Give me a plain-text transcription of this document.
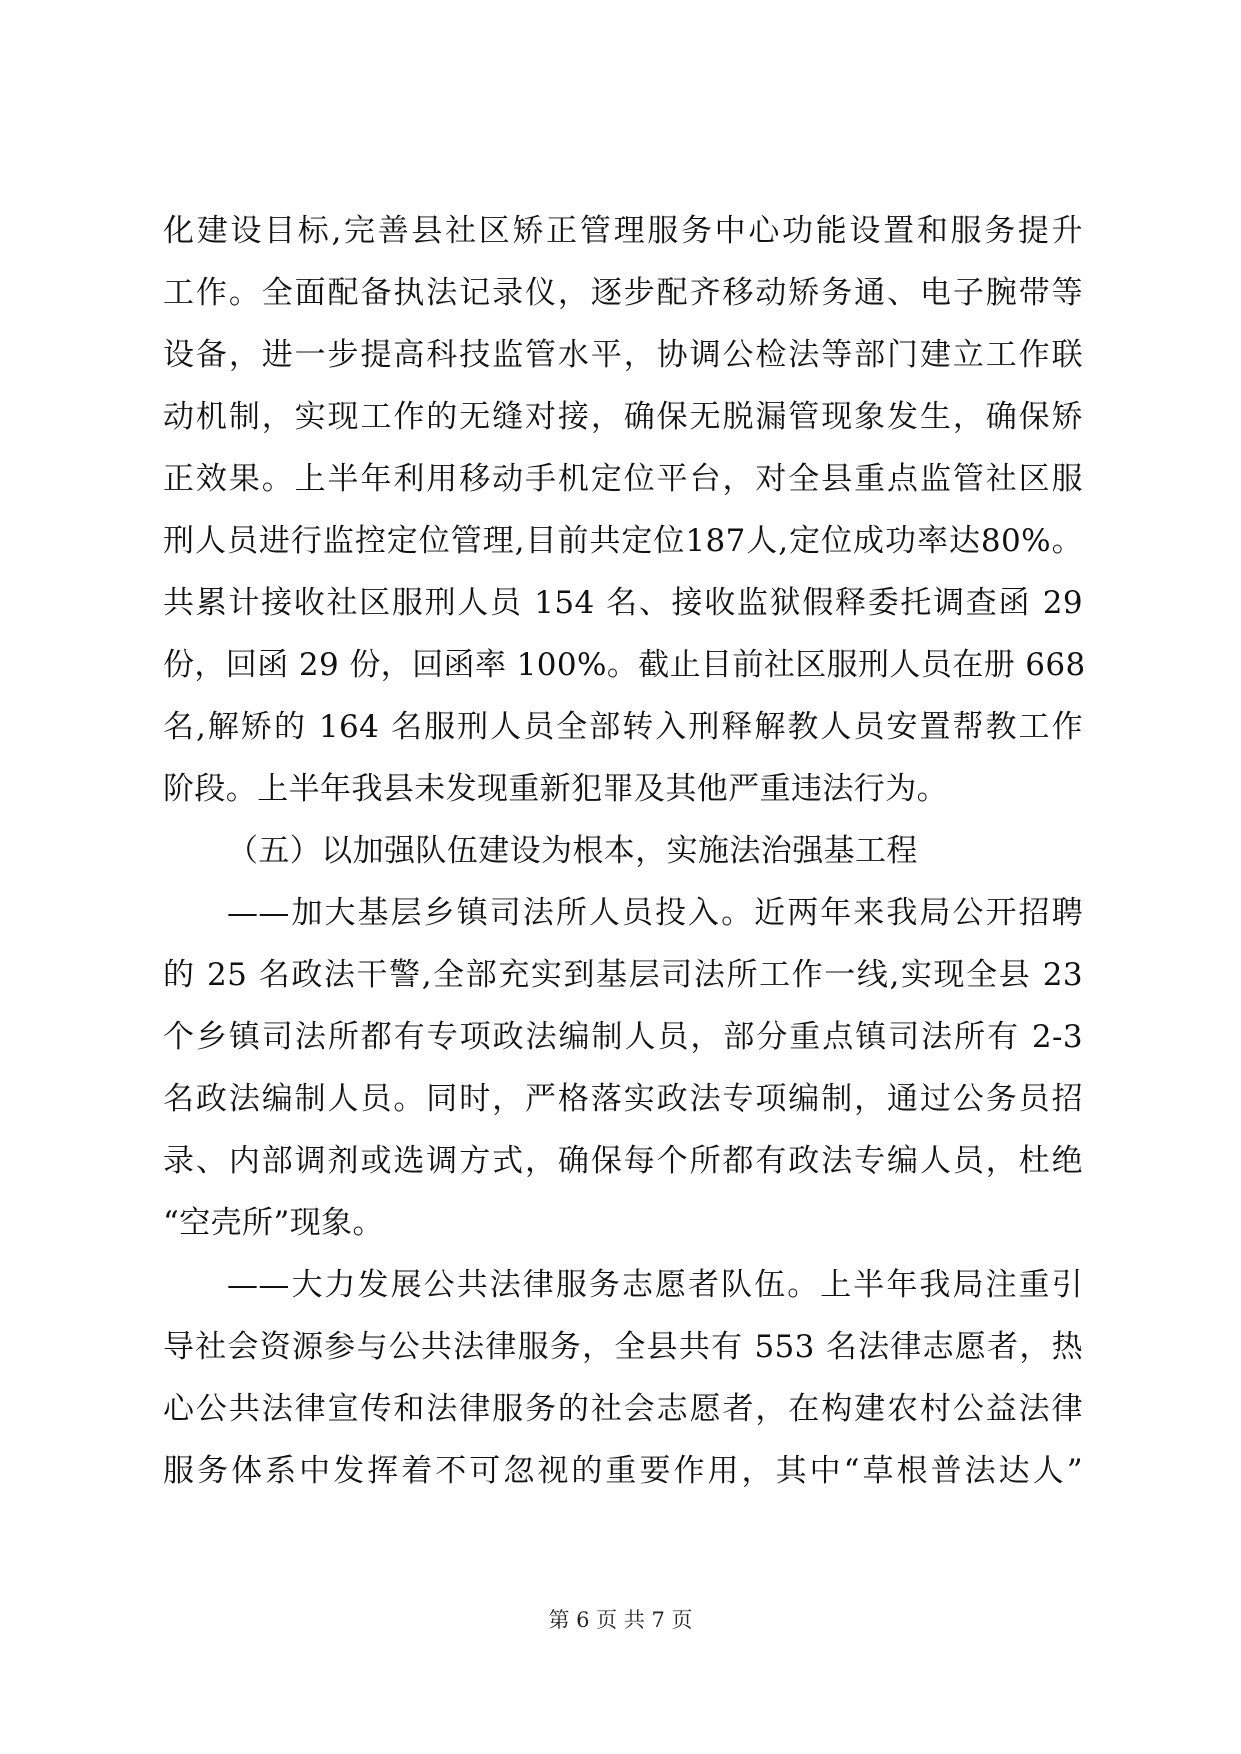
化建设目标,完善县社区矫正管理服务中心功能设置和服务提升
工作。全面配备执法记录仪，逐步配齐移动矫务通、电子腕带等
设备，进一步提高科技监管水平，协调公检法等部门建立工作联
动机制，实现工作的无缝对接，确保无脱漏管现象发生，确保矫
正效果。上半年利用移动手机定位平台，对全县重点监管社区服
刑人员进行监控定位管理,目前共定位187人,定位成功率达80%。
共累计接收社区服刑人员 154 名、接收监狱假释委托调查函 29
份，回函 29 份，回函率 100%。截止目前社区服刑人员在册 668
名,解矫的 164 名服刑人员全部转入刑释解教人员安置帮教工作
阶段。上半年我县未发现重新犯罪及其他严重违法行为。
（五）以加强队伍建设为根本，实施法治强基工程
——加大基层乡镇司法所人员投入。近两年来我局公开招聘
的 25 名政法干警,全部充实到基层司法所工作一线,实现全县 23
个乡镇司法所都有专项政法编制人员，部分重点镇司法所有 2-3
名政法编制人员。同时，严格落实政法专项编制，通过公务员招
录、内部调剂或选调方式，确保每个所都有政法专编人员，杜绝
“空壳所”现象。
——大力发展公共法律服务志愿者队伍。上半年我局注重引
导社会资源参与公共法律服务，全县共有 553 名法律志愿者，热
心公共法律宣传和法律服务的社会志愿者，在构建农村公益法律
服务体系中发挥着不可忽视的重要作用，其中“草根普法达人”
第 6 页 共 7 页
